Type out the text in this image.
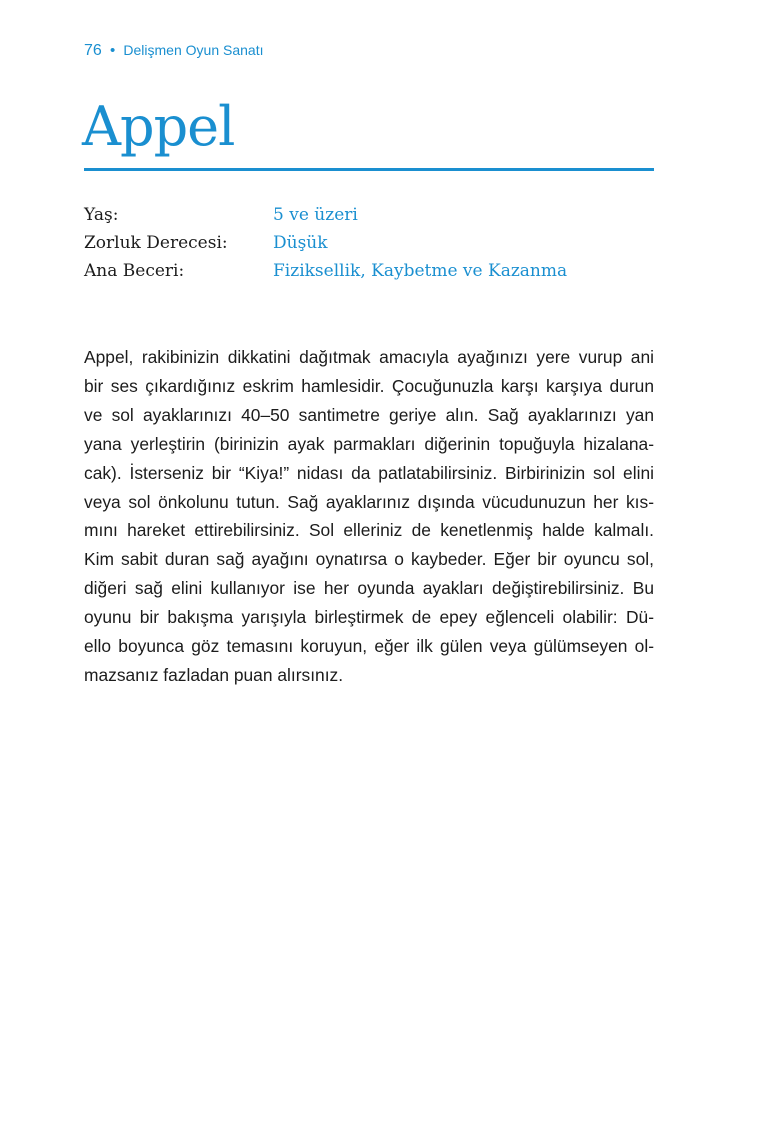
76 • Delişmen Oyun Sanatı
Appel
Yaş:	5 ve üzeri
Zorluk Derecesi:	Düşük
Ana Beceri:	Fiziksellik, Kaybetme ve Kazanma
Appel, rakibinizin dikkatini dağıtmak amacıyla ayağınızı yere vurup ani
bir ses çıkardığınız eskrim hamlesidir. Çocuğunuzla karşı karşıya durun
ve sol ayaklarınızı 40–50 santimetre geriye alın. Sağ ayaklarınızı yan
yana yerleştirin (birinizin ayak parmakları diğerinin topuğuyla hizalana-
cak). İsterseniz bir “Kiya!” nidası da patlatabilirsiniz. Birbirinizin sol elini
veya sol önkolunu tutun. Sağ ayaklarınız dışında vücudunuzun her kıs-
mını hareket ettirebilirsiniz. Sol elleriniz de kenetlenmiş halde kalmalı.
Kim sabit duran sağ ayağını oynatırsa o kaybeder. Eğer bir oyuncu sol,
diğeri sağ elini kullanıyor ise her oyunda ayakları değiştirebilirsiniz. Bu
oyunu bir bakışma yarışıyla birleştirmek de epey eğlenceli olabilir: Dü-
ello boyunca göz temasını koruyun, eğer ilk gülen veya gülümseyen ol-
mazsanız fazladan puan alırsınız.
